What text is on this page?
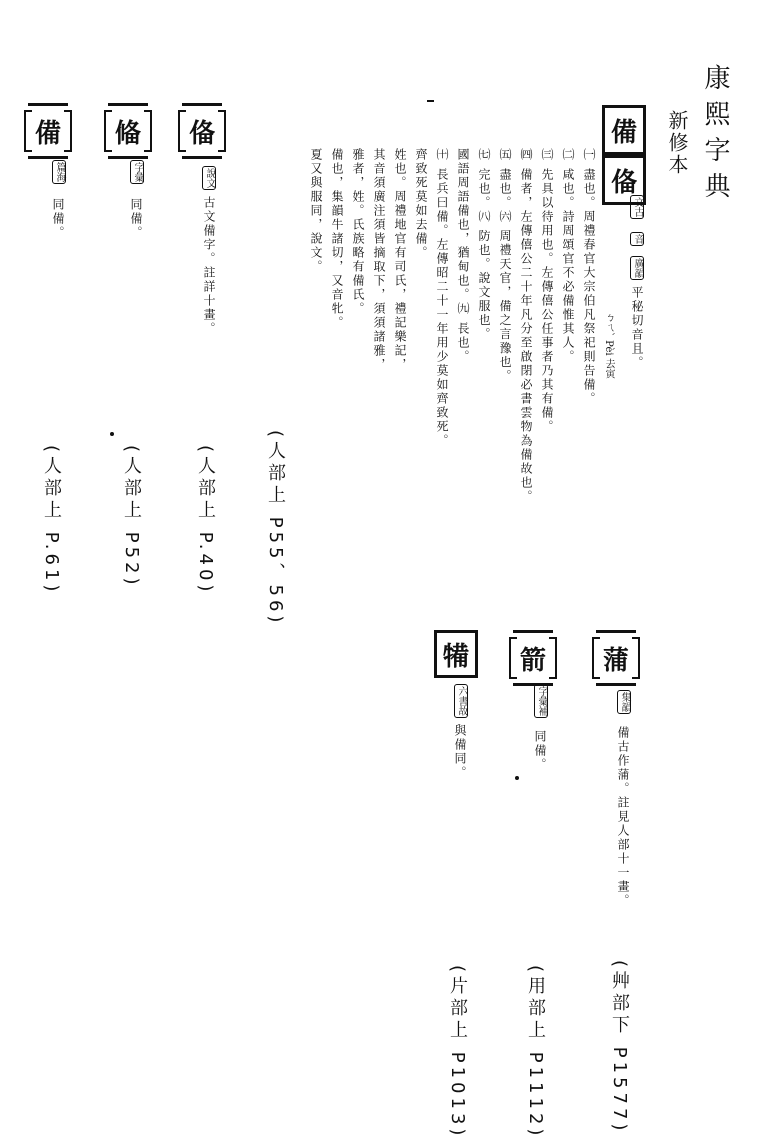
康熙字典
新修本
ㄅㄟˋ Pèi 去寅
備
俻
文古
音
廣韻
平秘切音且。
㈠ 盡也。周禮春官大宗伯凡祭祀則告備。
㈡ 咸也。詩周頌官不必備惟其人。
㈢ 先具以待用也。左傳僖公任事者乃其有備。
㈣ 備者，左傳僖公二十年凡分至啟閉必書雲物為備故也。
㈤ 盡也。㈥ 周禮天官，備之言豫也。
㈦ 完也。㈧ 防也。說文服也。
國語周語備也，猶甸也。㈨ 長也。
㈩ 長兵曰備。左傳昭二十一年用少莫如齊致死。
齊致死莫如去備。
姓也。周禮地官有司氏，禮記樂記，
其音須廣注須皆摘取下，須須諸雅，
雅者，姓。氏族略有備氏。
備也，集韻牛諸切，又音牝。
夏又與服同，說文。
(人部上 P55、56)
俻
說文
古文備字。註詳十畫。
(人部上 P.40)
偹
字彙
同備。
(人部上 P52)
備
篇海
同備。
(人部上 P.61)
蒲
集韻
備古作蒲。註見人部十一畫。
(艸部下 P1577)
箭
字彙補
同備。
(用部上 P1112)
犕
六書故
與備同。
(片部上 P1013)
